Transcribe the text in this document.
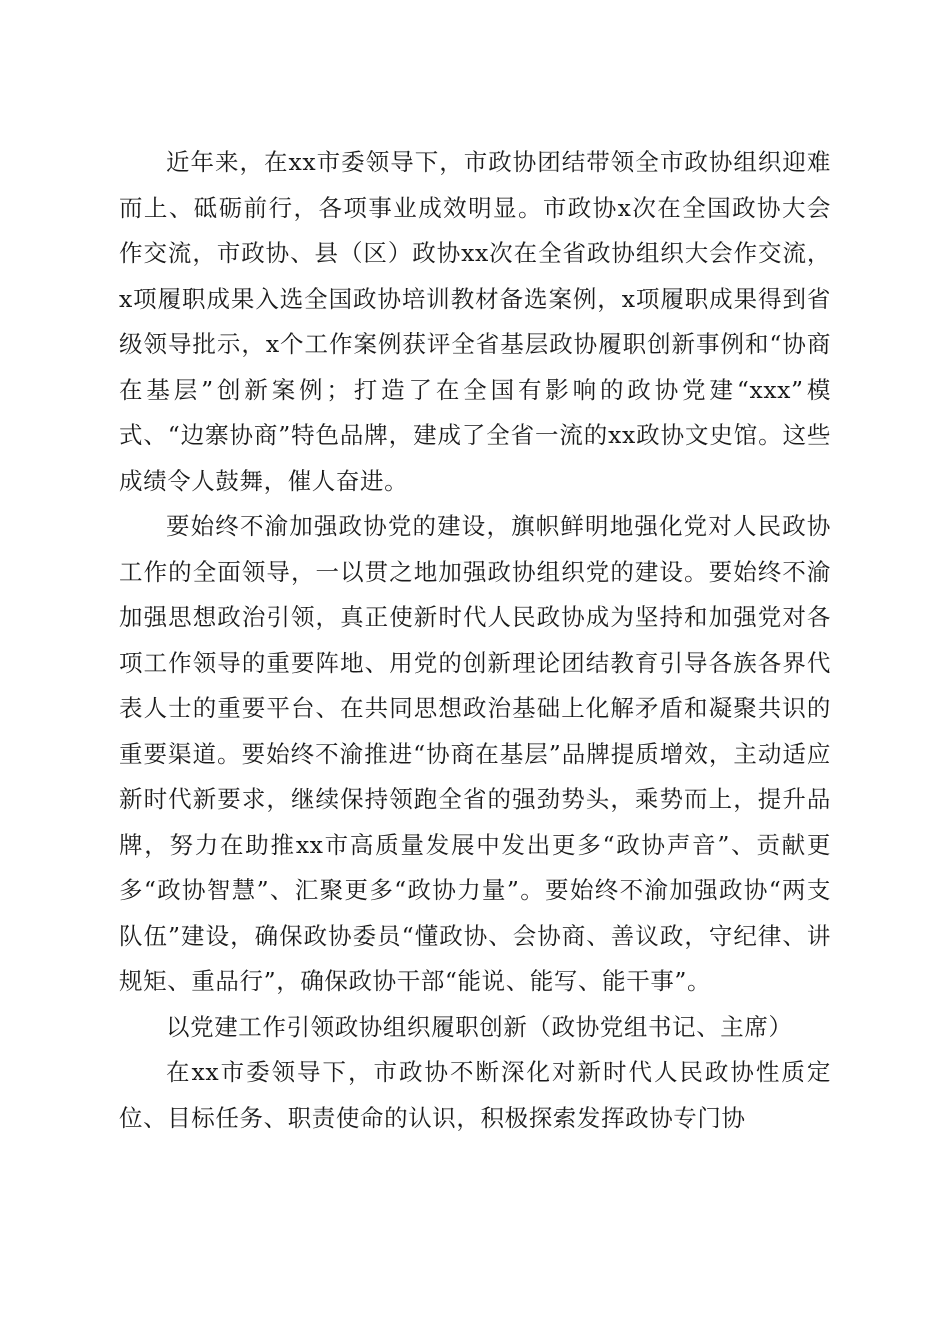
近年来，在xx市委领导下，市政协团结带领全市政协组织迎难而上、砥砺前行，各项事业成效明显。市政协x次在全国政协大会作交流，市政协、县（区）政协xx次在全省政协组织大会作交流，x项履职成果入选全国政协培训教材备选案例，x项履职成果得到省级领导批示，x个工作案例获评全省基层政协履职创新事例和“协商在基层”创新案例；打造了在全国有影响的政协党建“xxx”模式、“边寨协商”特色品牌，建成了全省一流的xx政协文史馆。这些成绩令人鼓舞，催人奋进。

要始终不渝加强政协党的建设，旗帜鲜明地强化党对人民政协工作的全面领导，一以贯之地加强政协组织党的建设。要始终不渝加强思想政治引领，真正使新时代人民政协成为坚持和加强党对各项工作领导的重要阵地、用党的创新理论团结教育引导各族各界代表人士的重要平台、在共同思想政治基础上化解矛盾和凝聚共识的重要渠道。要始终不渝推进“协商在基层”品牌提质增效，主动适应新时代新要求，继续保持领跑全省的强劲势头，乘势而上，提升品牌，努力在助推xx市高质量发展中发出更多“政协声音”、贡献更多“政协智慧”、汇聚更多“政协力量”。要始终不渝加强政协“两支队伍”建设，确保政协委员“懂政协、会协商、善议政，守纪律、讲规矩、重品行”，确保政协干部“能说、能写、能干事”。

以党建工作引领政协组织履职创新（政协党组书记、主席）

在xx市委领导下，市政协不断深化对新时代人民政协性质定位、目标任务、职责使命的认识，积极探索发挥政协专门协
